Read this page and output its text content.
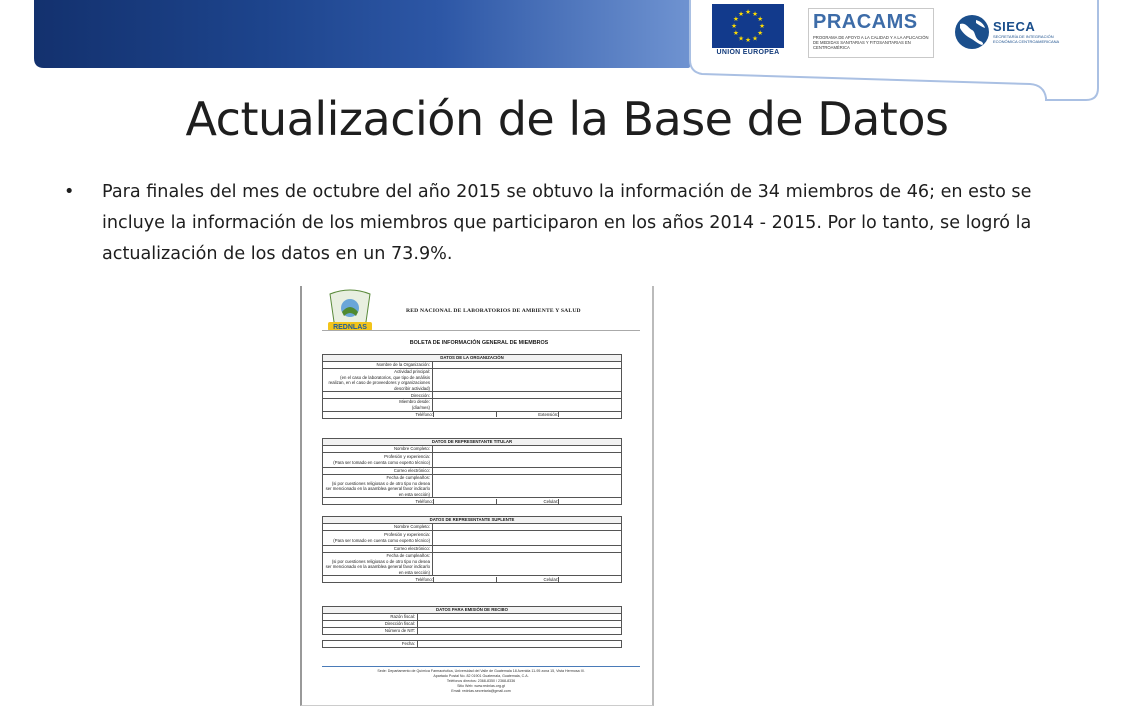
★ ★
★
★
★
★
★
★
★
★
★
★
UNIÓN EUROPEA
PRACAMS
PROGRAMA DE APOYO A LA CALIDAD Y A LA APLICACIÓN DE MEDIDAS SANITARIAS Y FITOSANITARIAS EN CENTROAMÉRICA
SIECA
SECRETARÍA DE INTEGRACIÓN ECONÓMICA CENTROAMERICANA
Actualización de la Base de Datos
• Para finales del mes de octubre del año 2015 se obtuvo la información de 34 miembros de 46; en esto se incluye la información de los miembros que participaron en los años 2014 - 2015. Por lo tanto, se logró la actualización de los datos en un 73.9%.
REDNLAS
RED NACIONAL DE LABORATORIOS DE AMBIENTE Y SALUD
BOLETA DE INFORMACIÓN GENERAL DE MIEMBROS
DATOS DE LA ORGANIZACIÓN	
Nombre de la Organización:	
Actividad principal:
(en el caso de laboratorios, que tipo de análisis realizan, en el caso de proveedores y organizaciones describir actividad)	
Dirección:	
Miembro desde:
(día/mes)	

Teléfono: Extensión:	
DATOS DE REPRESENTANTE TITULAR	
Nombre Completo:	
Profesión y experiencia:
(Para ser tomado en cuenta como experto técnico)	
Correo electrónico:	
Fecha de cumpleaños:
(si por cuestiones religiosas o de otro tipo no desea ser mencionado en la asamblea general favor indicarlo en esta sección)	

Teléfono: Celular:	
DATOS DE REPRESENTANTE SUPLENTE	
Nombre Completo:	
Profesión y experiencia:
(Para ser tomado en cuenta como experto técnico)	
Correo electrónico:	
Fecha de cumpleaños:
(si por cuestiones religiosas o de otro tipo no desea ser mencionado en la asamblea general favor indicarlo en esta sección)	

Teléfono: Celular:	
DATOS PARA EMISIÓN DE RECIBO	
Razón fiscal:	
Dirección fiscal:	
Número de NIT:	

Fecha:	
Sede: Departamento de Química Farmacéutica, Universidad del Valle de Guatemala 18 Avenida 11-95 zona 15, Vista Hermosa III.
Apartado Postal No. 82 01901 Guatemala, Guatemala, C.A.
Teléfonos directos: 2368-8350 / 2368-8336
Sitio Web: www.rednlas.org.gt
Email: rednlas.secretaria@gmail.com
